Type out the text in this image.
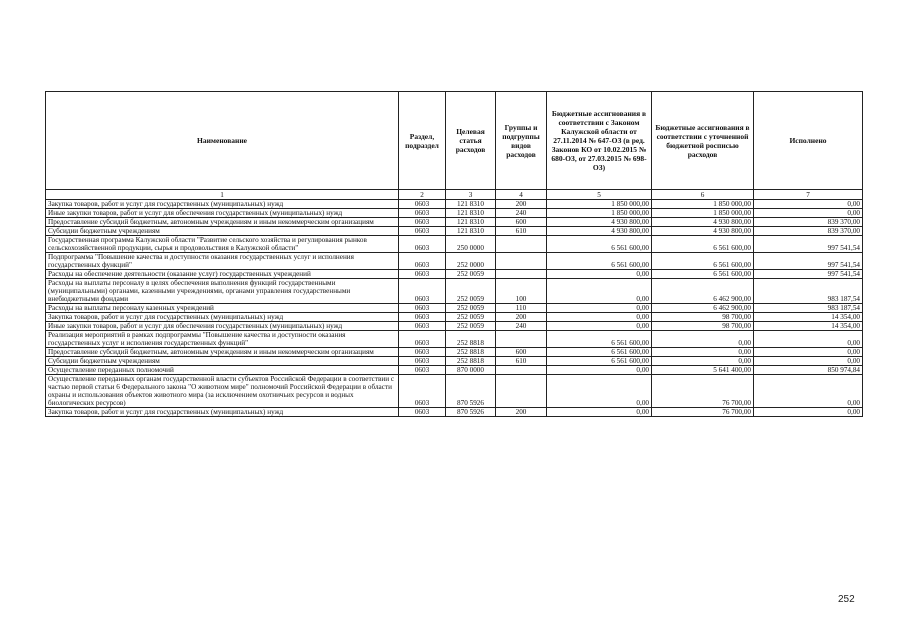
Наименование	Раздел, подраздел	Целевая статья расходов	Группы и подгруппы видов расходов	Бюджетные ассигнования в соответствии с Законом Калужской области от 27.11.2014 № 647-ОЗ (в ред. Законов КО от 10.02.2015 № 680-ОЗ, от 27.03.2015 № 698-ОЗ)	Бюджетные ассигнования в соответствии с уточненной бюджетной росписью расходов	Исполнено
1	2	3	4	5	6	7
Закупка товаров, работ и услуг для государственных (муниципальных) нужд	0603	121 8310	200	1 850 000,00	1 850 000,00	0,00
Иные закупки товаров, работ и услуг для обеспечения государственных (муниципальных) нужд	0603	121 8310	240	1 850 000,00	1 850 000,00	0,00
Предоставление субсидий бюджетным, автономным учреждениям и иным некоммерческим организациям	0603	121 8310	600	4 930 800,00	4 930 800,00	839 370,00
Субсидии бюджетным учреждениям	0603	121 8310	610	4 930 800,00	4 930 800,00	839 370,00
Государственная программа Калужской области "Развитие сельского хозяйства и регулирования рынков сельскохозяйственной продукции, сырья и продовольствия в Калужской области"	0603	250 0000		6 561 600,00	6 561 600,00	997 541,54
Подпрограмма "Повышение качества и доступности оказания государственных услуг и исполнения государственных функций"	0603	252 0000		6 561 600,00	6 561 600,00	997 541,54
Расходы на обеспечение деятельности (оказание услуг) государственных учреждений	0603	252 0059		0,00	6 561 600,00	997 541,54
Расходы на выплаты персоналу в целях обеспечения выполнения функций государственными (муниципальными) органами, казенными учреждениями, органами управления государственными внебюджетными фондами	0603	252 0059	100	0,00	6 462 900,00	983 187,54
Расходы на выплаты персоналу казенных учреждений	0603	252 0059	110	0,00	6 462 900,00	983 187,54
Закупка товаров, работ и услуг для государственных (муниципальных) нужд	0603	252 0059	200	0,00	98 700,00	14 354,00
Иные закупки товаров, работ и услуг для обеспечения государственных (муниципальных) нужд	0603	252 0059	240	0,00	98 700,00	14 354,00
Реализация мероприятий в рамках подпрограммы "Повышение качества и доступности оказания государственных услуг и исполнения государственных функций"	0603	252 8818		6 561 600,00	0,00	0,00
Предоставление субсидий бюджетным, автономным учреждениям и иным некоммерческим организациям	0603	252 8818	600	6 561 600,00	0,00	0,00
Субсидии бюджетным учреждениям	0603	252 8818	610	6 561 600,00	0,00	0,00
Осуществление переданных полномочий	0603	870 0000		0,00	5 641 400,00	850 974,84
Осуществление переданных органам государственной власти субъектов Российской Федерации в соответствии с частью первой статьи 6 Федерального закона "О животном мире" полномочий Российской Федерации в области охраны и использования объектов животного мира (за исключением охотничьих ресурсов и водных биологических ресурсов)	0603	870 5926		0,00	76 700,00	0,00
Закупка товаров, работ и услуг для государственных (муниципальных) нужд	0603	870 5926	200	0,00	76 700,00	0,00
252
